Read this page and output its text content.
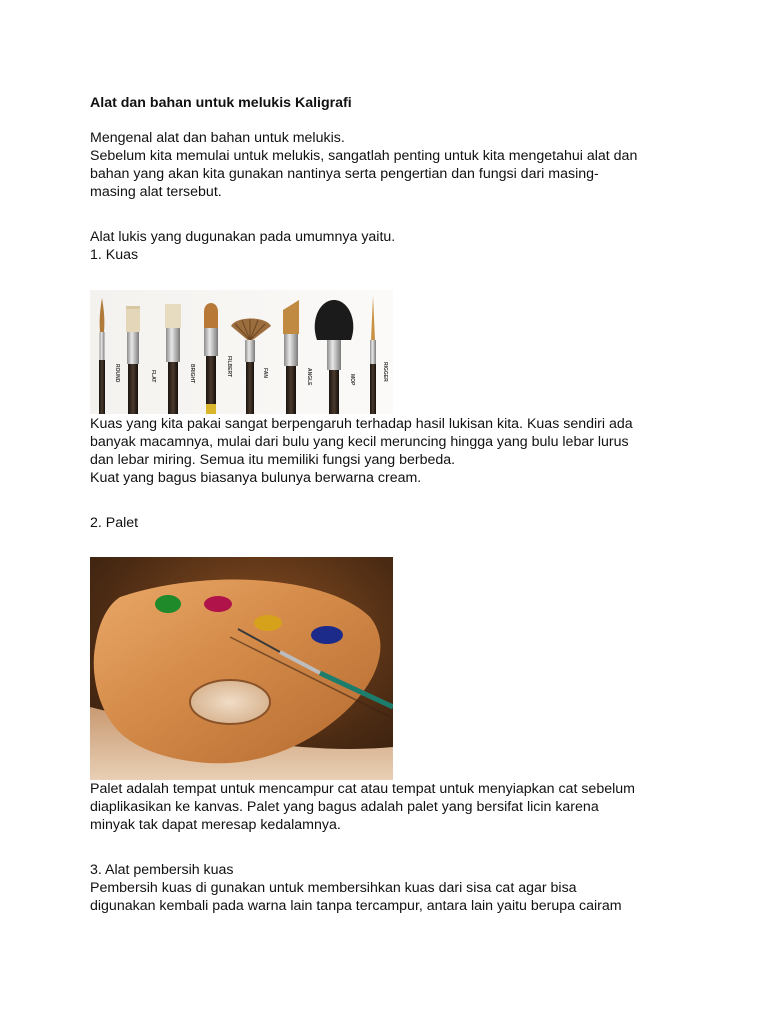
Alat dan bahan untuk melukis Kaligrafi

Mengenal alat dan bahan untuk melukis.

Sebelum kita memulai untuk melukis, sangatlah penting untuk kita mengetahui alat dan

bahan yang akan kita gunakan nantinya serta pengertian dan fungsi dari masing-

masing alat tersebut.

Alat lukis yang dugunakan pada umumnya yaitu.

1. Kuas

ROUND	FLAT	BRIGHT	FILBERT	FAN	ANGLE	MOP	RIGGER

Kuas yang kita pakai sangat berpengaruh terhadap hasil lukisan kita. Kuas sendiri ada

banyak macamnya, mulai dari bulu yang kecil meruncing hingga yang bulu lebar lurus

dan lebar miring. Semua itu memiliki fungsi yang berbeda.

Kuat yang bagus biasanya bulunya berwarna cream.

2. Palet

Palet adalah tempat untuk mencampur cat atau tempat untuk menyiapkan cat sebelum

diaplikasikan ke kanvas. Palet yang bagus adalah palet yang bersifat licin karena

minyak tak dapat meresap kedalamnya.

3. Alat pembersih kuas

Pembersih kuas di gunakan untuk membersihkan kuas dari sisa cat agar bisa

digunakan kembali pada warna lain tanpa tercampur, antara lain yaitu berupa cairam
